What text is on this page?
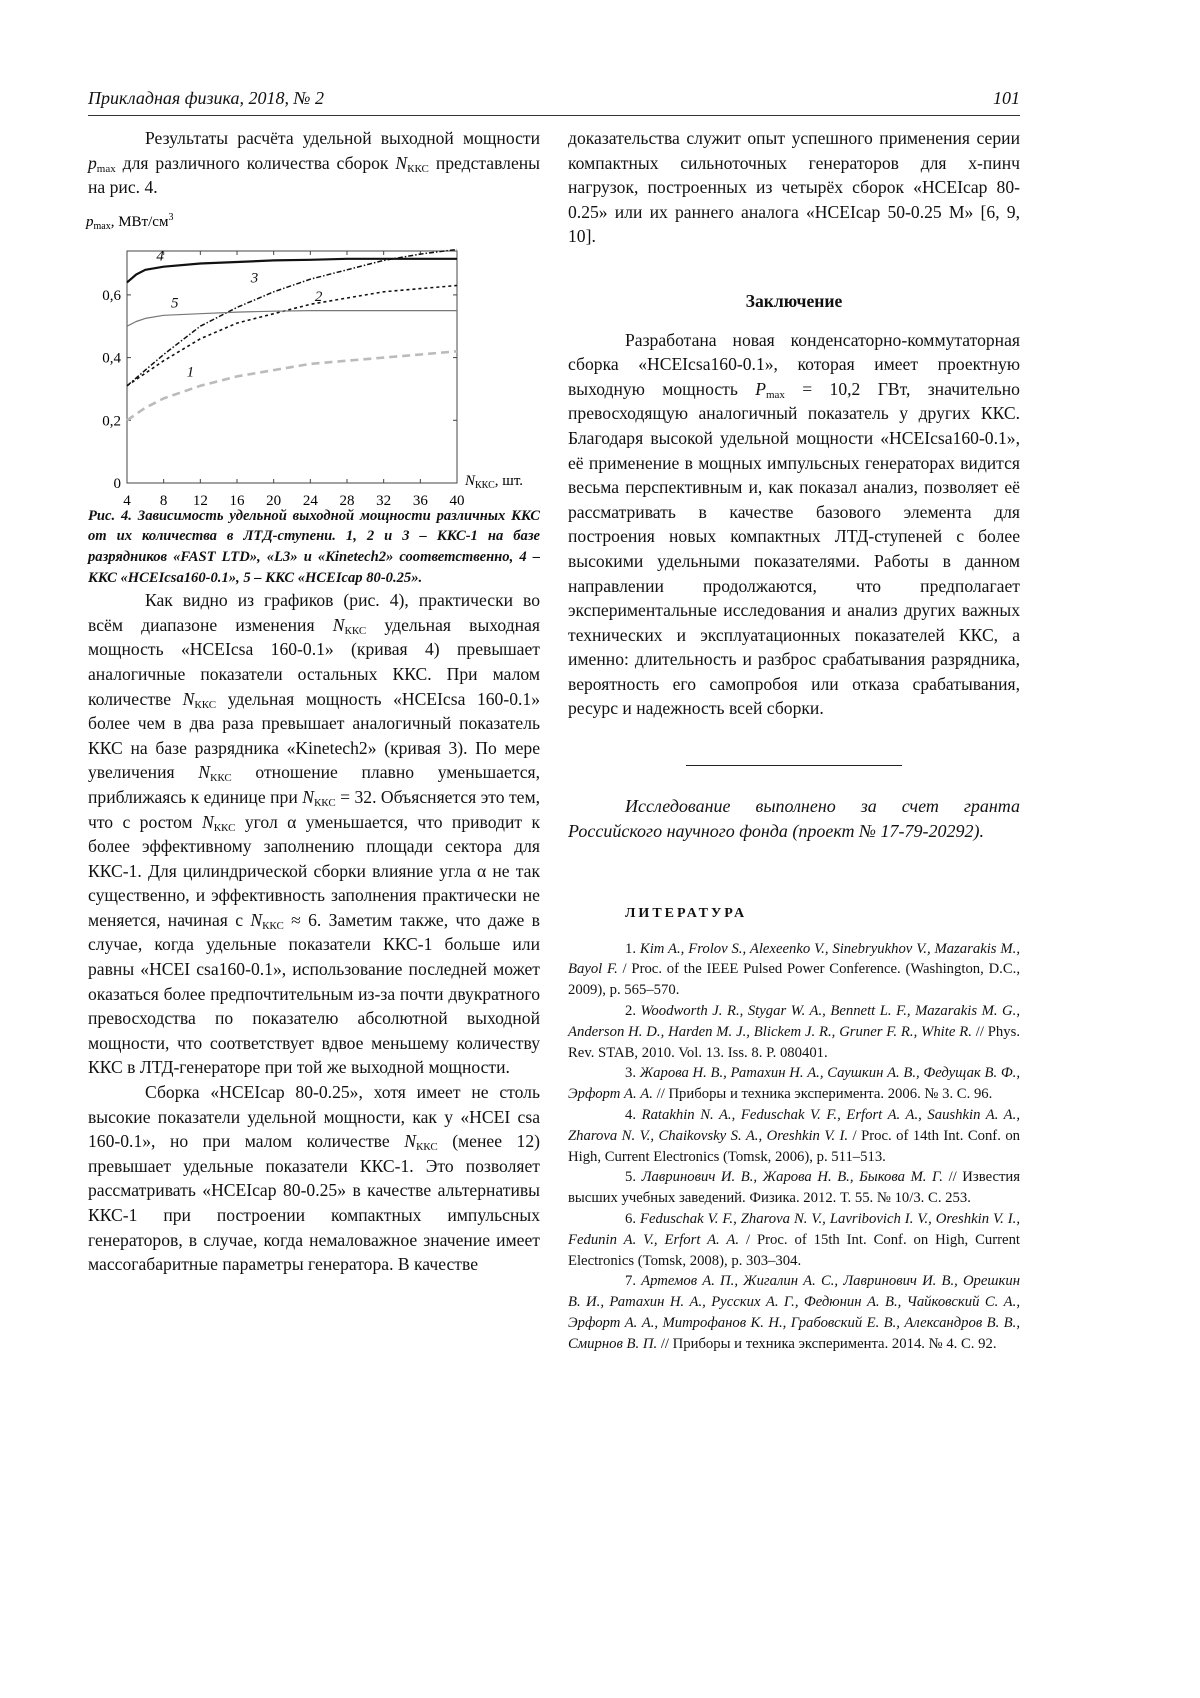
Прикладная физика, 2018, № 2	101

Результаты расчёта удельной выходной мощности $p_{max}$ для различного количества сборок $N_{ККС}$ представлены на рис. 4.

$p_{max}$, МВт/$см^3$
$N_{ККС}$, шт.
4 8 12 16 20 24 28 32 36 40
0
0,2
0,4
0,6
1
2
3
4
5

Рис. 4. Зависимость удельной выходной мощности различных ККС от их количества в ЛТД-ступени. 1, 2 и 3 – ККС-1 на базе разрядников «FAST LTD», «L3» и «Kinetech2» соответственно, 4 – ККС «HCEIcsa160-0.1», 5 – ККС «HCEIcap 80-0.25».

Как видно из графиков (рис. 4), практически во всём диапазоне изменения $N_{ККС}$ удельная выходная мощность «HCEIcsa 160-0.1» (кривая 4) превышает аналогичные показатели остальных ККС. При малом количестве $N_{ККС}$ удельная мощность «HCEIcsa 160-0.1» более чем в два раза превышает аналогичный показатель ККС на базе разрядника «Kinetech2» (кривая 3). По мере увеличения $N_{ККС}$ отношение плавно уменьшается, приближаясь к единице при $N_{ККС} = 32$. Объясняется это тем, что с ростом $N_{ККС}$ угол α уменьшается, что приводит к более эффективному заполнению площади сектора для ККС-1. Для цилиндрической сборки влияние угла α не так существенно, и эффективность заполнения практически не меняется, начиная с $N_{ККС} \approx 6$. Заметим также, что даже в случае, когда удельные показатели ККС-1 больше или равны «HCEI csa160-0.1», использование последней может оказаться более предпочтительным из-за почти двукратного превосходства по показателю абсолютной выходной мощности, что соответствует вдвое меньшему количеству ККС в ЛТД-генераторе при той же выходной мощности.

Сборка «HCEIcap 80-0.25», хотя имеет не столь высокие показатели удельной мощности, как у «HCEI csa 160-0.1», но при малом количестве $N_{ККС}$ (менее 12) превышает удельные показатели ККС-1. Это позволяет рассматривать «HCEIcap 80-0.25» в качестве альтернативы ККС-1 при построении компактных импульсных генераторов, в случае, когда немаловажное значение имеет массогабаритные параметры генератора. В качестве

доказательства служит опыт успешного применения серии компактных сильноточных генераторов для х-пинч нагрузок, построенных из четырёх сборок «HCEIcap 80-0.25» или их раннего аналога «HCEIcap 50-0.25 M» [6, 9, 10].

Заключение

Разработана новая конденсаторно-коммутаторная сборка «HCEIcsa160-0.1», которая имеет проектную выходную мощность $P_{max} = 10,2$ ГВт, значительно превосходящую аналогичный показатель у других ККС. Благодаря высокой удельной мощности «HCEIcsa160-0.1», её применение в мощных импульсных генераторах видится весьма перспективным и, как показал анализ, позволяет её рассматривать в качестве базового элемента для построения новых компактных ЛТД-ступеней с более высокими удельными показателями. Работы в данном направлении продолжаются, что предполагает экспериментальные исследования и анализ других важных технических и эксплуатационных показателей ККС, а именно: длительность и разброс срабатывания разрядника, вероятность его самопробоя или отказа срабатывания, ресурс и надежность всей сборки.

Исследование выполнено за счет гранта Российского научного фонда (проект № 17-79-20292).

ЛИТЕРАТУРА

1. Kim A., Frolov S., Alexeenko V., Sinebryukhov V., Mazarakis M., Bayol F. / Proc. of the IEEE Pulsed Power Conference. (Washington, D.C., 2009), p. 565–570.

2. Woodworth J. R., Stygar W. A., Bennett L. F., Mazarakis M. G., Anderson H. D., Harden M. J., Blickem J. R., Gruner F. R., White R. // Phys. Rev. STAB, 2010. Vol. 13. Iss. 8. P. 080401.

3. Жарова Н. В., Ратахин Н. А., Саушкин А. В., Федущак В. Ф., Эрфорт А. А. // Приборы и техника эксперимента. 2006. № 3. С. 96.

4. Ratakhin N. A., Feduschak V. F., Erfort A. A., Saushkin A. A., Zharova N. V., Chaikovsky S. A., Oreshkin V. I. / Proc. of 14th Int. Conf. on High, Current Electronics (Tomsk, 2006), p. 511–513.

5. Лавринович И. В., Жарова Н. В., Быкова М. Г. // Известия высших учебных заведений. Физика. 2012. Т. 55. № 10/3. С. 253.

6. Feduschak V. F., Zharova N. V., Lavribovich I. V., Oreshkin V. I., Fedunin A. V., Erfort A. A. / Proc. of 15th Int. Conf. on High, Current Electronics (Tomsk, 2008), p. 303–304.

7. Артемов А. П., Жигалин А. С., Лавринович И. В., Орешкин В. И., Ратахин Н. А., Русских А. Г., Федюнин А. В., Чайковский С. А., Эрфорт А. А., Митрофанов К. Н., Грабовский Е. В., Александров В. В., Смирнов В. П. // Приборы и техника эксперимента. 2014. № 4. С. 92.
